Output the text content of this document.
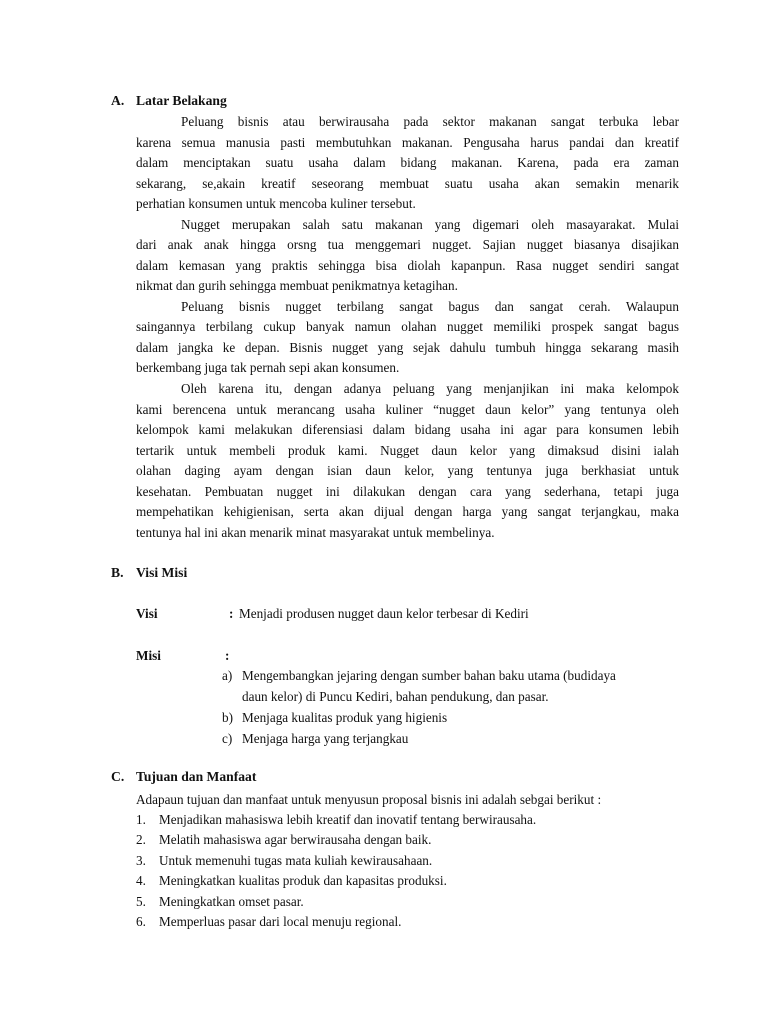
A. Latar Belakang
Peluang bisnis atau berwirausaha pada sektor makanan sangat terbuka lebar
karena semua manusia pasti membutuhkan makanan. Pengusaha harus pandai dan kreatif
dalam menciptakan suatu usaha dalam bidang makanan. Karena, pada era zaman
sekarang, se,akain kreatif seseorang membuat suatu usaha akan semakin menarik
perhatian konsumen untuk mencoba kuliner tersebut.
Nugget merupakan salah satu makanan yang digemari oleh masayarakat. Mulai
dari anak anak hingga orsng tua menggemari nugget. Sajian nugget biasanya disajikan
dalam kemasan yang praktis sehingga bisa diolah kapanpun. Rasa nugget sendiri sangat
nikmat dan gurih sehingga membuat penikmatnya ketagihan.
Peluang bisnis nugget terbilang sangat bagus dan sangat cerah. Walaupun
saingannya terbilang cukup banyak namun olahan nugget memiliki prospek sangat bagus
dalam jangka ke depan. Bisnis nugget yang sejak dahulu tumbuh hingga sekarang masih
berkembang juga tak pernah sepi akan konsumen.
Oleh karena itu, dengan adanya peluang yang menjanjikan ini maka kelompok
kami berencena untuk merancang usaha kuliner “nugget daun kelor” yang tentunya oleh
kelompok kami melakukan diferensiasi dalam bidang usaha ini agar para konsumen lebih
tertarik untuk membeli produk kami. Nugget daun kelor yang dimaksud disini ialah
olahan daging ayam dengan isian daun kelor, yang tentunya juga berkhasiat untuk
kesehatan. Pembuatan nugget ini dilakukan dengan cara yang sederhana, tetapi juga
mempehatikan kehigienisan, serta akan dijual dengan harga yang sangat terjangkau, maka
tentunya hal ini akan menarik minat masyarakat untuk membelinya.
B. Visi Misi
Visi	: Menjadi produsen nugget daun kelor terbesar di Kediri
Misi	:
a) Mengembangkan jejaring dengan sumber bahan baku utama (budidaya
daun kelor) di Puncu Kediri, bahan pendukung, dan pasar.
b) Menjaga kualitas produk yang higienis
c) Menjaga harga yang terjangkau
C. Tujuan dan Manfaat
Adapaun tujuan dan manfaat untuk menyusun proposal bisnis ini adalah sebgai berikut :
1. Menjadikan mahasiswa lebih kreatif dan inovatif tentang berwirausaha.
2. Melatih mahasiswa agar berwirausaha dengan baik.
3. Untuk memenuhi tugas mata kuliah kewirausahaan.
4. Meningkatkan kualitas produk dan kapasitas produksi.
5. Meningkatkan omset pasar.
6. Memperluas pasar dari local menuju regional.
